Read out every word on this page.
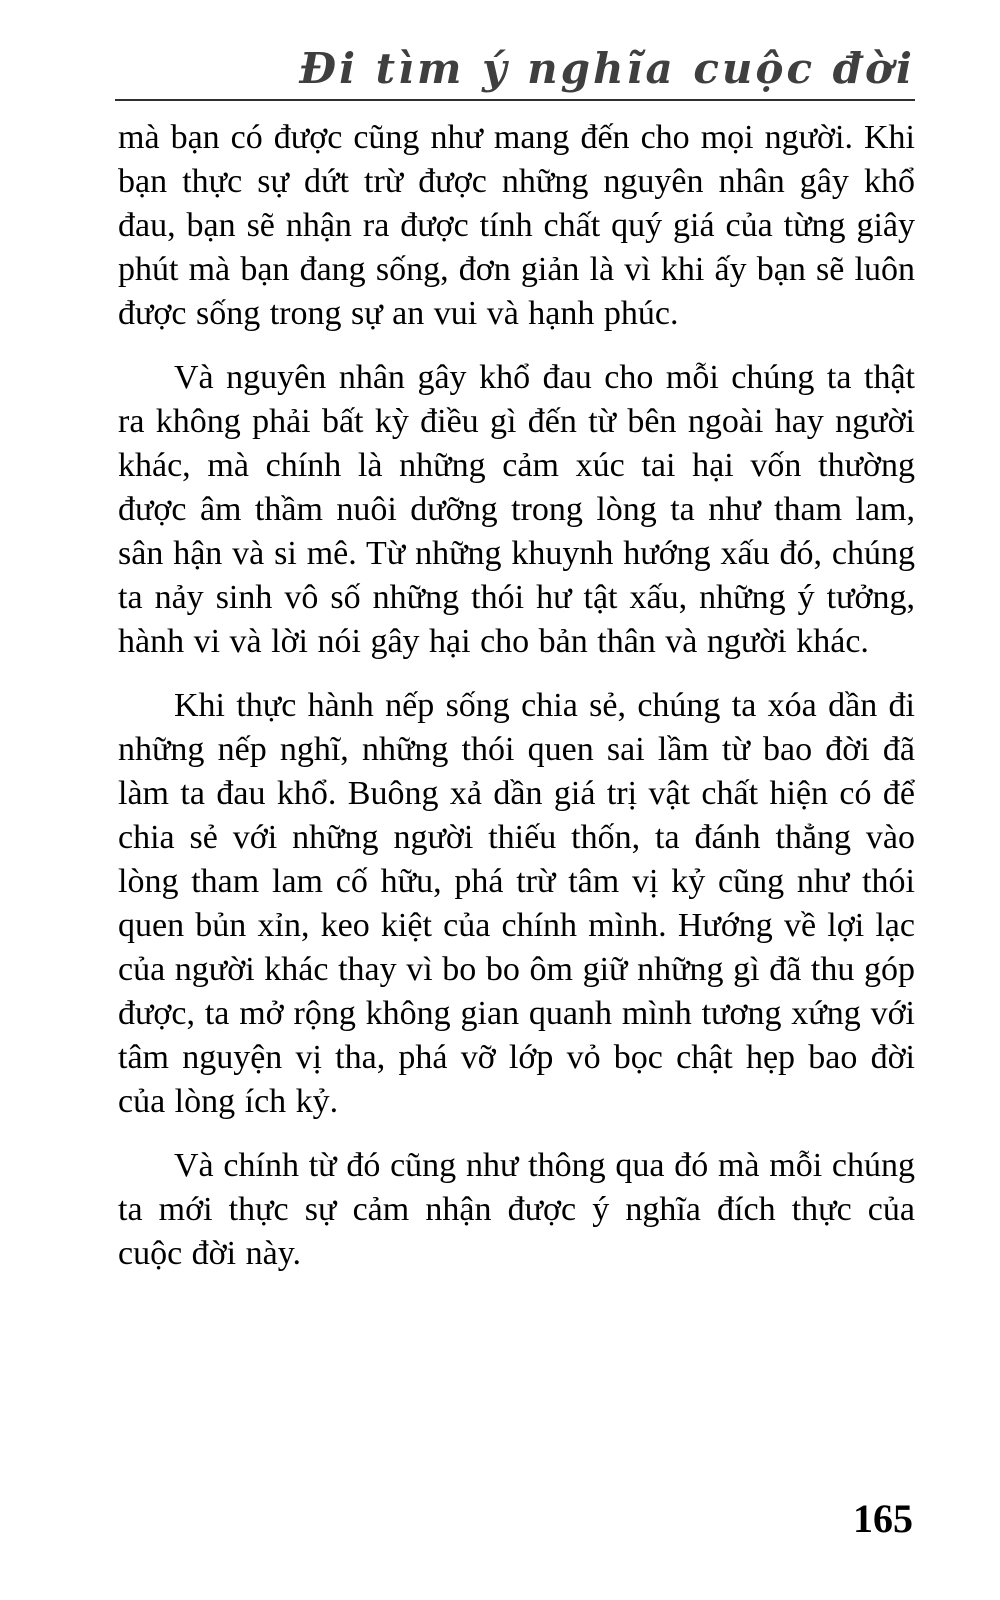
Đi tìm ý nghĩa cuộc đời

mà bạn có được cũng như mang đến cho mọi người. Khi bạn thực sự dứt trừ được những nguyên nhân gây khổ đau, bạn sẽ nhận ra được tính chất quý giá của từng giây phút mà bạn đang sống, đơn giản là vì khi ấy bạn sẽ luôn được sống trong sự an vui và hạnh phúc.

Và nguyên nhân gây khổ đau cho mỗi chúng ta thật ra không phải bất kỳ điều gì đến từ bên ngoài hay người khác, mà chính là những cảm xúc tai hại vốn thường được âm thầm nuôi dưỡng trong lòng ta như tham lam, sân hận và si mê. Từ những khuynh hướng xấu đó, chúng ta nảy sinh vô số những thói hư tật xấu, những ý tưởng, hành vi và lời nói gây hại cho bản thân và người khác.

Khi thực hành nếp sống chia sẻ, chúng ta xóa dần đi những nếp nghĩ, những thói quen sai lầm từ bao đời đã làm ta đau khổ. Buông xả dần giá trị vật chất hiện có để chia sẻ với những người thiếu thốn, ta đánh thẳng vào lòng tham lam cố hữu, phá trừ tâm vị kỷ cũng như thói quen bủn xỉn, keo kiệt của chính mình. Hướng về lợi lạc của người khác thay vì bo bo ôm giữ những gì đã thu góp được, ta mở rộng không gian quanh mình tương xứng với tâm nguyện vị tha, phá vỡ lớp vỏ bọc chật hẹp bao đời của lòng ích kỷ.

Và chính từ đó cũng như thông qua đó mà mỗi chúng ta mới thực sự cảm nhận được ý nghĩa đích thực của cuộc đời này.

165
